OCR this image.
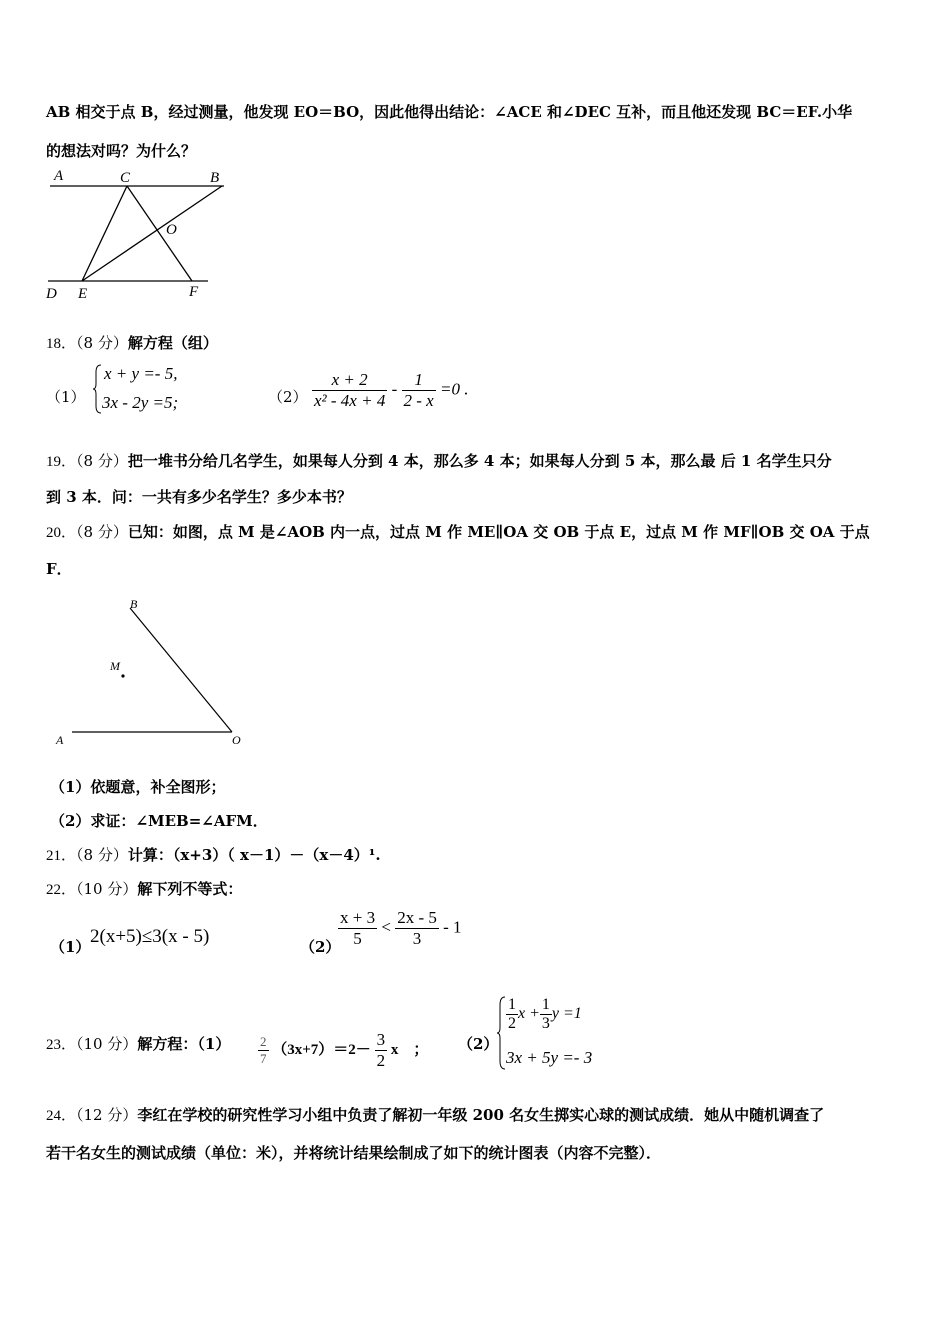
AB 相交于点 B，经过测量，他发现 EO＝BO，因此他得出结论：∠ACE 和∠DEC 互补，而且他还发现 BC＝EF.小华
的想法对吗？为什么？
A	C	B
O
D E	F
18．（8 分）解方程（组）
（1）
x + y =- 5,
3x - 2y =5;	$(2) \frac{x + 2}{\text{x² - 4x + 4}} - \frac{1}{2 - x} =0$ .
19．（8 分）把一堆书分给几名学生，如果每人分到 4 本，那么多 4 本；如果每人分到 5 本，那么最 后 1 名学生只分
到 3 本．问：一共有多少名学生？多少本书？
20．（8 分）已知：如图，点 M 是∠AOB 内一点，过点 M 作 ME∥OA 交 OB 于点 E，过点 M 作 MF∥OB 交 OA 于点
F．
B
M
A	O
（1）依题意，补全图形；
（2）求证：∠MEB=∠AFM．
21．（8 分）计算：（x+3）（ x－1）－（x－4）¹.
22．（10 分）解下列不等式：
（1） 2(x+5)≤3(x - 5)	（2）
$\frac{x + 3}{5} < \frac{2x - 5}{3} - 1$
23．（10 分）解方程：$(1) \frac{2}{7} (3x+7)=2- \frac{3}{2}$ x　； （2）
$\frac{1}{2}$ $x + \frac{1}{3}$ y =1
3x + 5y =- 3
24．（12 分）李红在学校的研究性学习小组中负责了解初一年级 200 名女生掷实心球的测试成绩．她从中随机调查了
若干名女生的测试成绩（单位：米），并将统计结果绘制成了如下的统计图表（内容不完整）．
